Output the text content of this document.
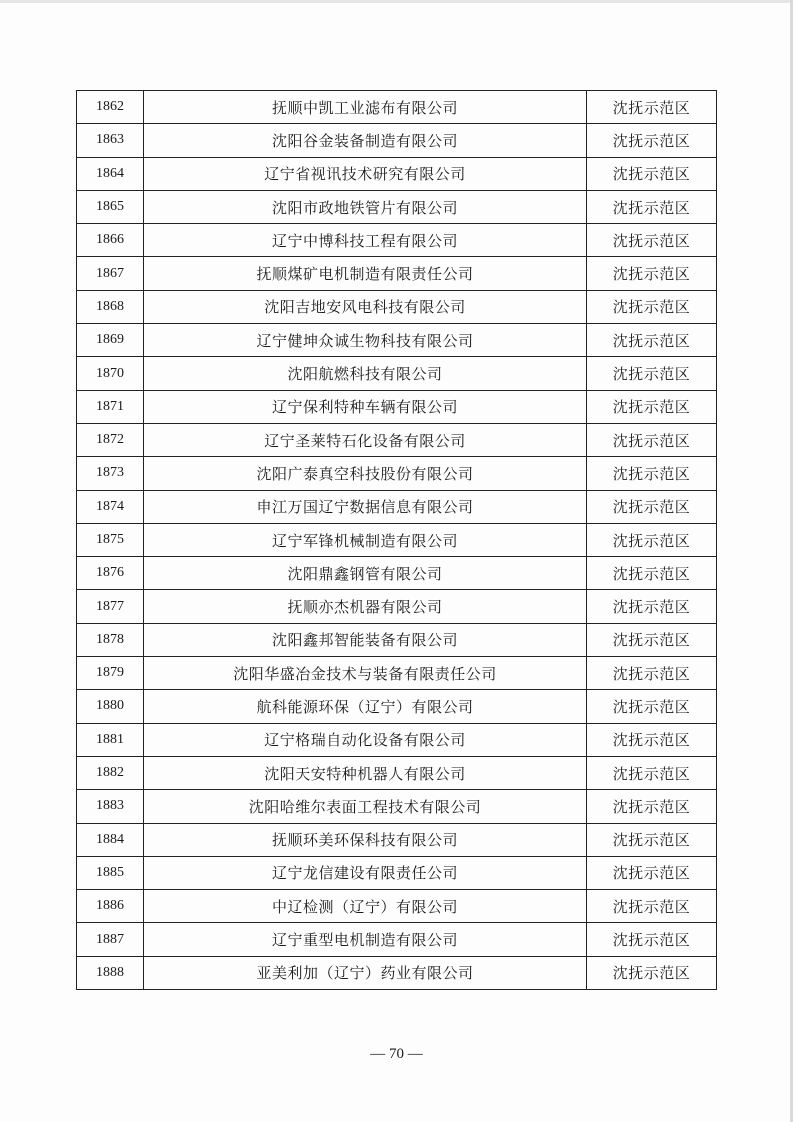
1862	抚顺中凯工业滤布有限公司	沈抚示范区
1863	沈阳谷金装备制造有限公司	沈抚示范区
1864	辽宁省视讯技术研究有限公司	沈抚示范区
1865	沈阳市政地铁管片有限公司	沈抚示范区
1866	辽宁中博科技工程有限公司	沈抚示范区
1867	抚顺煤矿电机制造有限责任公司	沈抚示范区
1868	沈阳吉地安风电科技有限公司	沈抚示范区
1869	辽宁健坤众诚生物科技有限公司	沈抚示范区
1870	沈阳航燃科技有限公司	沈抚示范区
1871	辽宁保利特种车辆有限公司	沈抚示范区
1872	辽宁圣莱特石化设备有限公司	沈抚示范区
1873	沈阳广泰真空科技股份有限公司	沈抚示范区
1874	申江万国辽宁数据信息有限公司	沈抚示范区
1875	辽宁军锋机械制造有限公司	沈抚示范区
1876	沈阳鼎鑫钢管有限公司	沈抚示范区
1877	抚顺亦杰机器有限公司	沈抚示范区
1878	沈阳鑫邦智能装备有限公司	沈抚示范区
1879	沈阳华盛冶金技术与装备有限责任公司	沈抚示范区
1880	航科能源环保（辽宁）有限公司	沈抚示范区
1881	辽宁格瑞自动化设备有限公司	沈抚示范区
1882	沈阳天安特种机器人有限公司	沈抚示范区
1883	沈阳哈维尔表面工程技术有限公司	沈抚示范区
1884	抚顺环美环保科技有限公司	沈抚示范区
1885	辽宁龙信建设有限责任公司	沈抚示范区
1886	中辽检测（辽宁）有限公司	沈抚示范区
1887	辽宁重型电机制造有限公司	沈抚示范区
1888	亚美利加（辽宁）药业有限公司	沈抚示范区
— 70 —
